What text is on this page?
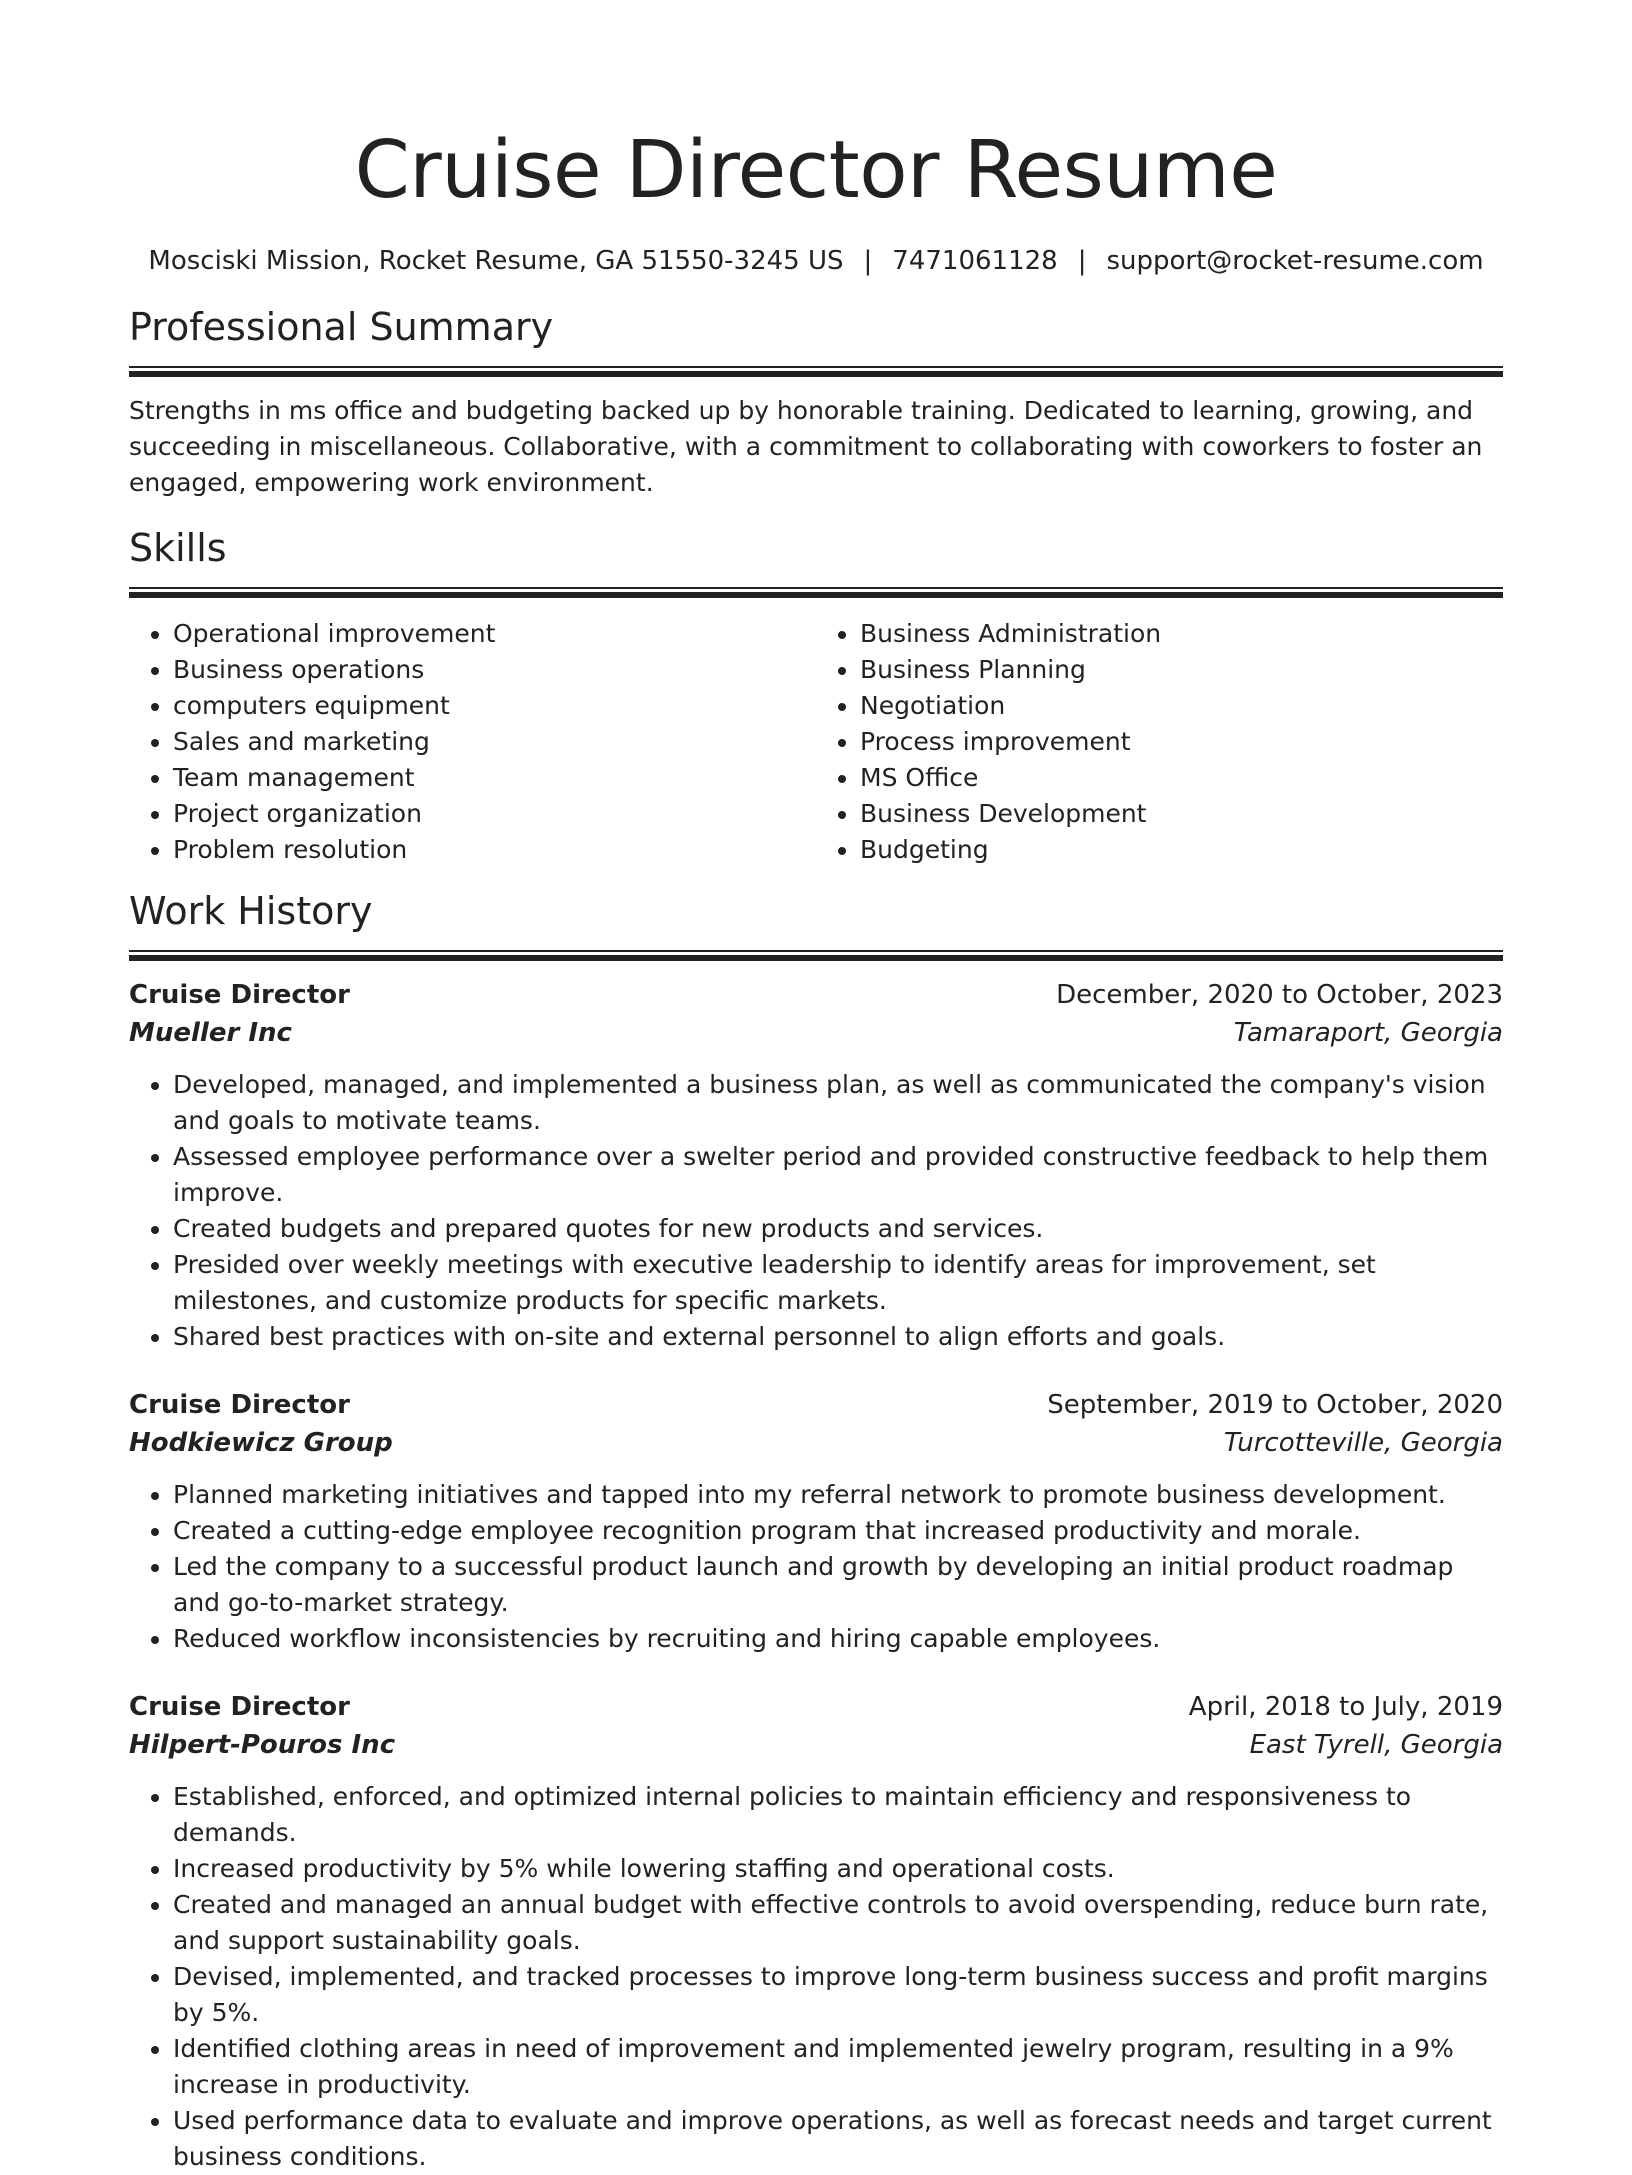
Cruise Director Resume
Mosciski Mission, Rocket Resume, GA 51550-3245 US | 7471061128 | support@rocket-resume.com
Professional Summary

Strengths in ms office and budgeting backed up by honorable training. Dedicated to learning, growing, and succeeding in miscellaneous. Collaborative, with a commitment to collaborating with coworkers to foster an engaged, empowering work environment.

Skills
• Operational improvement
• Business operations
• computers equipment
• Sales and marketing
• Team management
• Project organization
• Problem resolution
• Business Administration
• Business Planning
• Negotiation
• Process improvement
• MS Office
• Business Development
• Budgeting
Work History
Cruise Director	December, 2020 to October, 2023
Mueller Inc	Tamaraport, Georgia
• Developed, managed, and implemented a business plan, as well as communicated the company's vision and goals to motivate teams.
• Assessed employee performance over a swelter period and provided constructive feedback to help them improve.
• Created budgets and prepared quotes for new products and services.
• Presided over weekly meetings with executive leadership to identify areas for improvement, set milestones, and customize products for specific markets.
• Shared best practices with on-site and external personnel to align efforts and goals.
Cruise Director	September, 2019 to October, 2020
Hodkiewicz Group	Turcotteville, Georgia
• Planned marketing initiatives and tapped into my referral network to promote business development.
• Created a cutting-edge employee recognition program that increased productivity and morale.
• Led the company to a successful product launch and growth by developing an initial product roadmap and go-to-market strategy.
• Reduced workflow inconsistencies by recruiting and hiring capable employees.
Cruise Director	April, 2018 to July, 2019
Hilpert-Pouros Inc	East Tyrell, Georgia
• Established, enforced, and optimized internal policies to maintain efficiency and responsiveness to demands.
• Increased productivity by 5% while lowering staffing and operational costs.
• Created and managed an annual budget with effective controls to avoid overspending, reduce burn rate, and support sustainability goals.
• Devised, implemented, and tracked processes to improve long-term business success and profit margins by 5%.
• Identified clothing areas in need of improvement and implemented jewelry program, resulting in a 9% increase in productivity.
• Used performance data to evaluate and improve operations, as well as forecast needs and target current business conditions.
